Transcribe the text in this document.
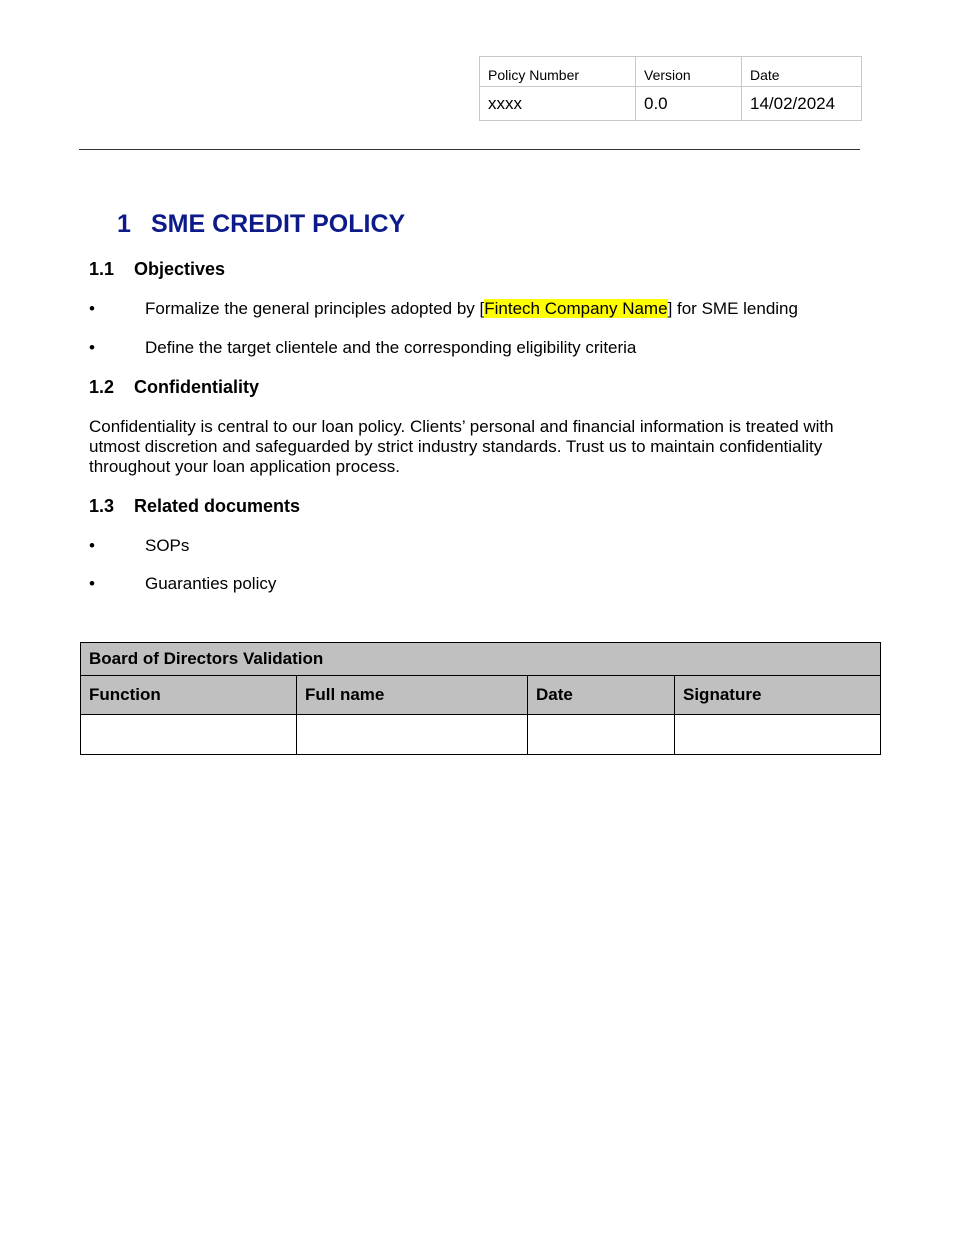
Policy Number	Version	Date
xxxx	0.0	14/02/2024
1 SME CREDIT POLICY
1.1 Objectives
•	Formalize the general principles adopted by [Fintech Company Name] for SME lending
•	Define the target clientele and the corresponding eligibility criteria
1.2 Confidentiality

Confidentiality is central to our loan policy. Clients’ personal and financial information is treated with utmost discretion and safeguarded by strict industry standards. Trust us to maintain confidentiality throughout your loan application process.

1.3 Related documents
•	SOPs
•	Guaranties policy
Board of Directors Validation			
Function	Full name	Date	Signature
